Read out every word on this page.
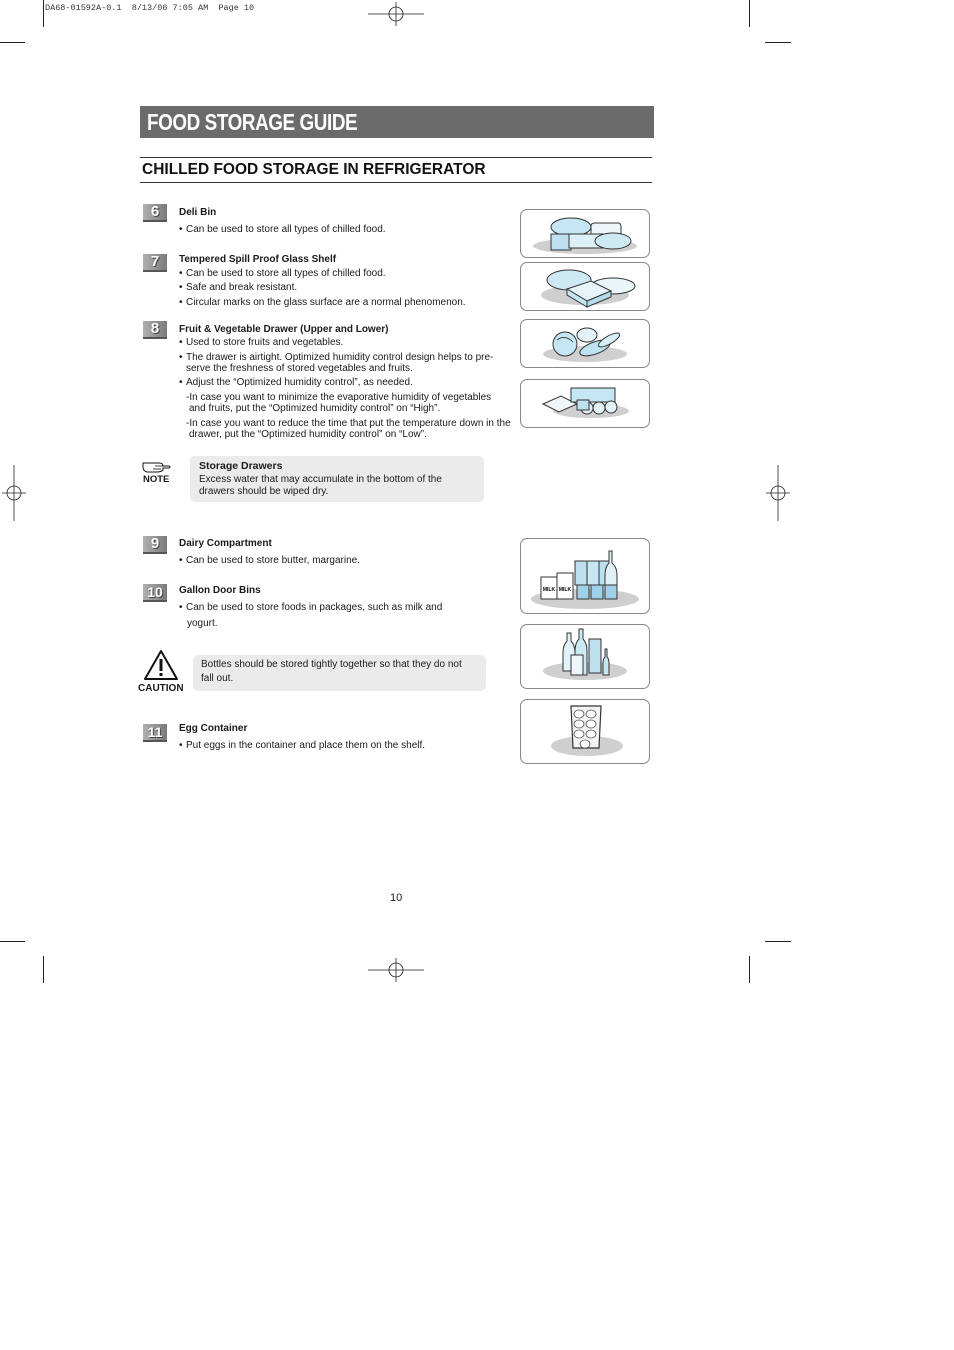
DA68-01592A-0.1  8/13/06 7:05 AM  Page 10
FOOD STORAGE GUIDE
CHILLED FOOD STORAGE IN REFRIGERATOR
6	Deli Bin
• Can be used to store all types of chilled food.
7	Tempered Spill Proof Glass Shelf
• Can be used to store all types of chilled food.
• Safe and break resistant.
• Circular marks on the glass surface are a normal phenomenon.
8	Fruit & Vegetable Drawer (Upper and Lower)
• Used to store fruits and vegetables.
• The drawer is airtight. Optimized humidity control design helps to pre-
serve the freshness of stored vegetables and fruits.
• Adjust the “Optimized humidity control”, as needed.
-In case you want to minimize the evaporative humidity of vegetables
and fruits, put the “Optimized humidity control” on “High”.
-In case you want to reduce the time that put the temperature down in the
drawer, put the “Optimized humidity control” on “Low”.
NOTE
Storage Drawers
Excess water that may accumulate in the bottom of the
drawers should be wiped dry.
9	Dairy Compartment
• Can be used to store butter, margarine.
10	Gallon Door Bins
• Can be used to store foods in packages, such as milk and
yogurt.
CAUTION
Bottles should be stored tightly together so that they do not
fall out.
11	Egg Container
• Put eggs in the container and place them on the shelf.
MILK MILK
10
